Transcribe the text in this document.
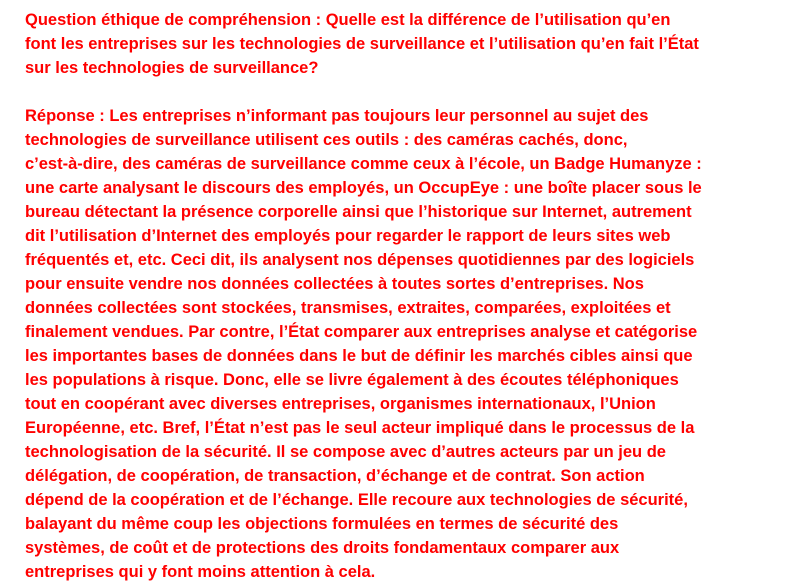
Question éthique de compréhension : Quelle est la différence de l’utilisation qu’en
font les entreprises sur les technologies de surveillance et l’utilisation qu’en fait l’État
sur les technologies de surveillance?

Réponse : Les entreprises n’informant pas toujours leur personnel au sujet des
technologies de surveillance utilisent ces outils : des caméras cachés, donc,
c’est-à-dire, des caméras de surveillance comme ceux à l’école, un Badge Humanyze :
une carte analysant le discours des employés, un OccupEye : une boîte placer sous le
bureau détectant la présence corporelle ainsi que l’historique sur Internet, autrement
dit l’utilisation d’Internet des employés pour regarder le rapport de leurs sites web
fréquentés et, etc. Ceci dit, ils analysent nos dépenses quotidiennes par des logiciels
pour ensuite vendre nos données collectées à toutes sortes d’entreprises. Nos
données collectées sont stockées, transmises, extraites, comparées, exploitées et
finalement vendues. Par contre, l’État comparer aux entreprises analyse et catégorise
les importantes bases de données dans le but de définir les marchés cibles ainsi que
les populations à risque. Donc, elle se livre également à des écoutes téléphoniques
tout en coopérant avec diverses entreprises, organismes internationaux, l’Union
Européenne, etc. Bref, l’État n’est pas le seul acteur impliqué dans le processus de la
technologisation de la sécurité. Il se compose avec d’autres acteurs par un jeu de
délégation, de coopération, de transaction, d’échange et de contrat. Son action
dépend de la coopération et de l’échange. Elle recoure aux technologies de sécurité,
balayant du même coup les objections formulées en termes de sécurité des
systèmes, de coût et de protections des droits fondamentaux comparer aux
entreprises qui y font moins attention à cela.
